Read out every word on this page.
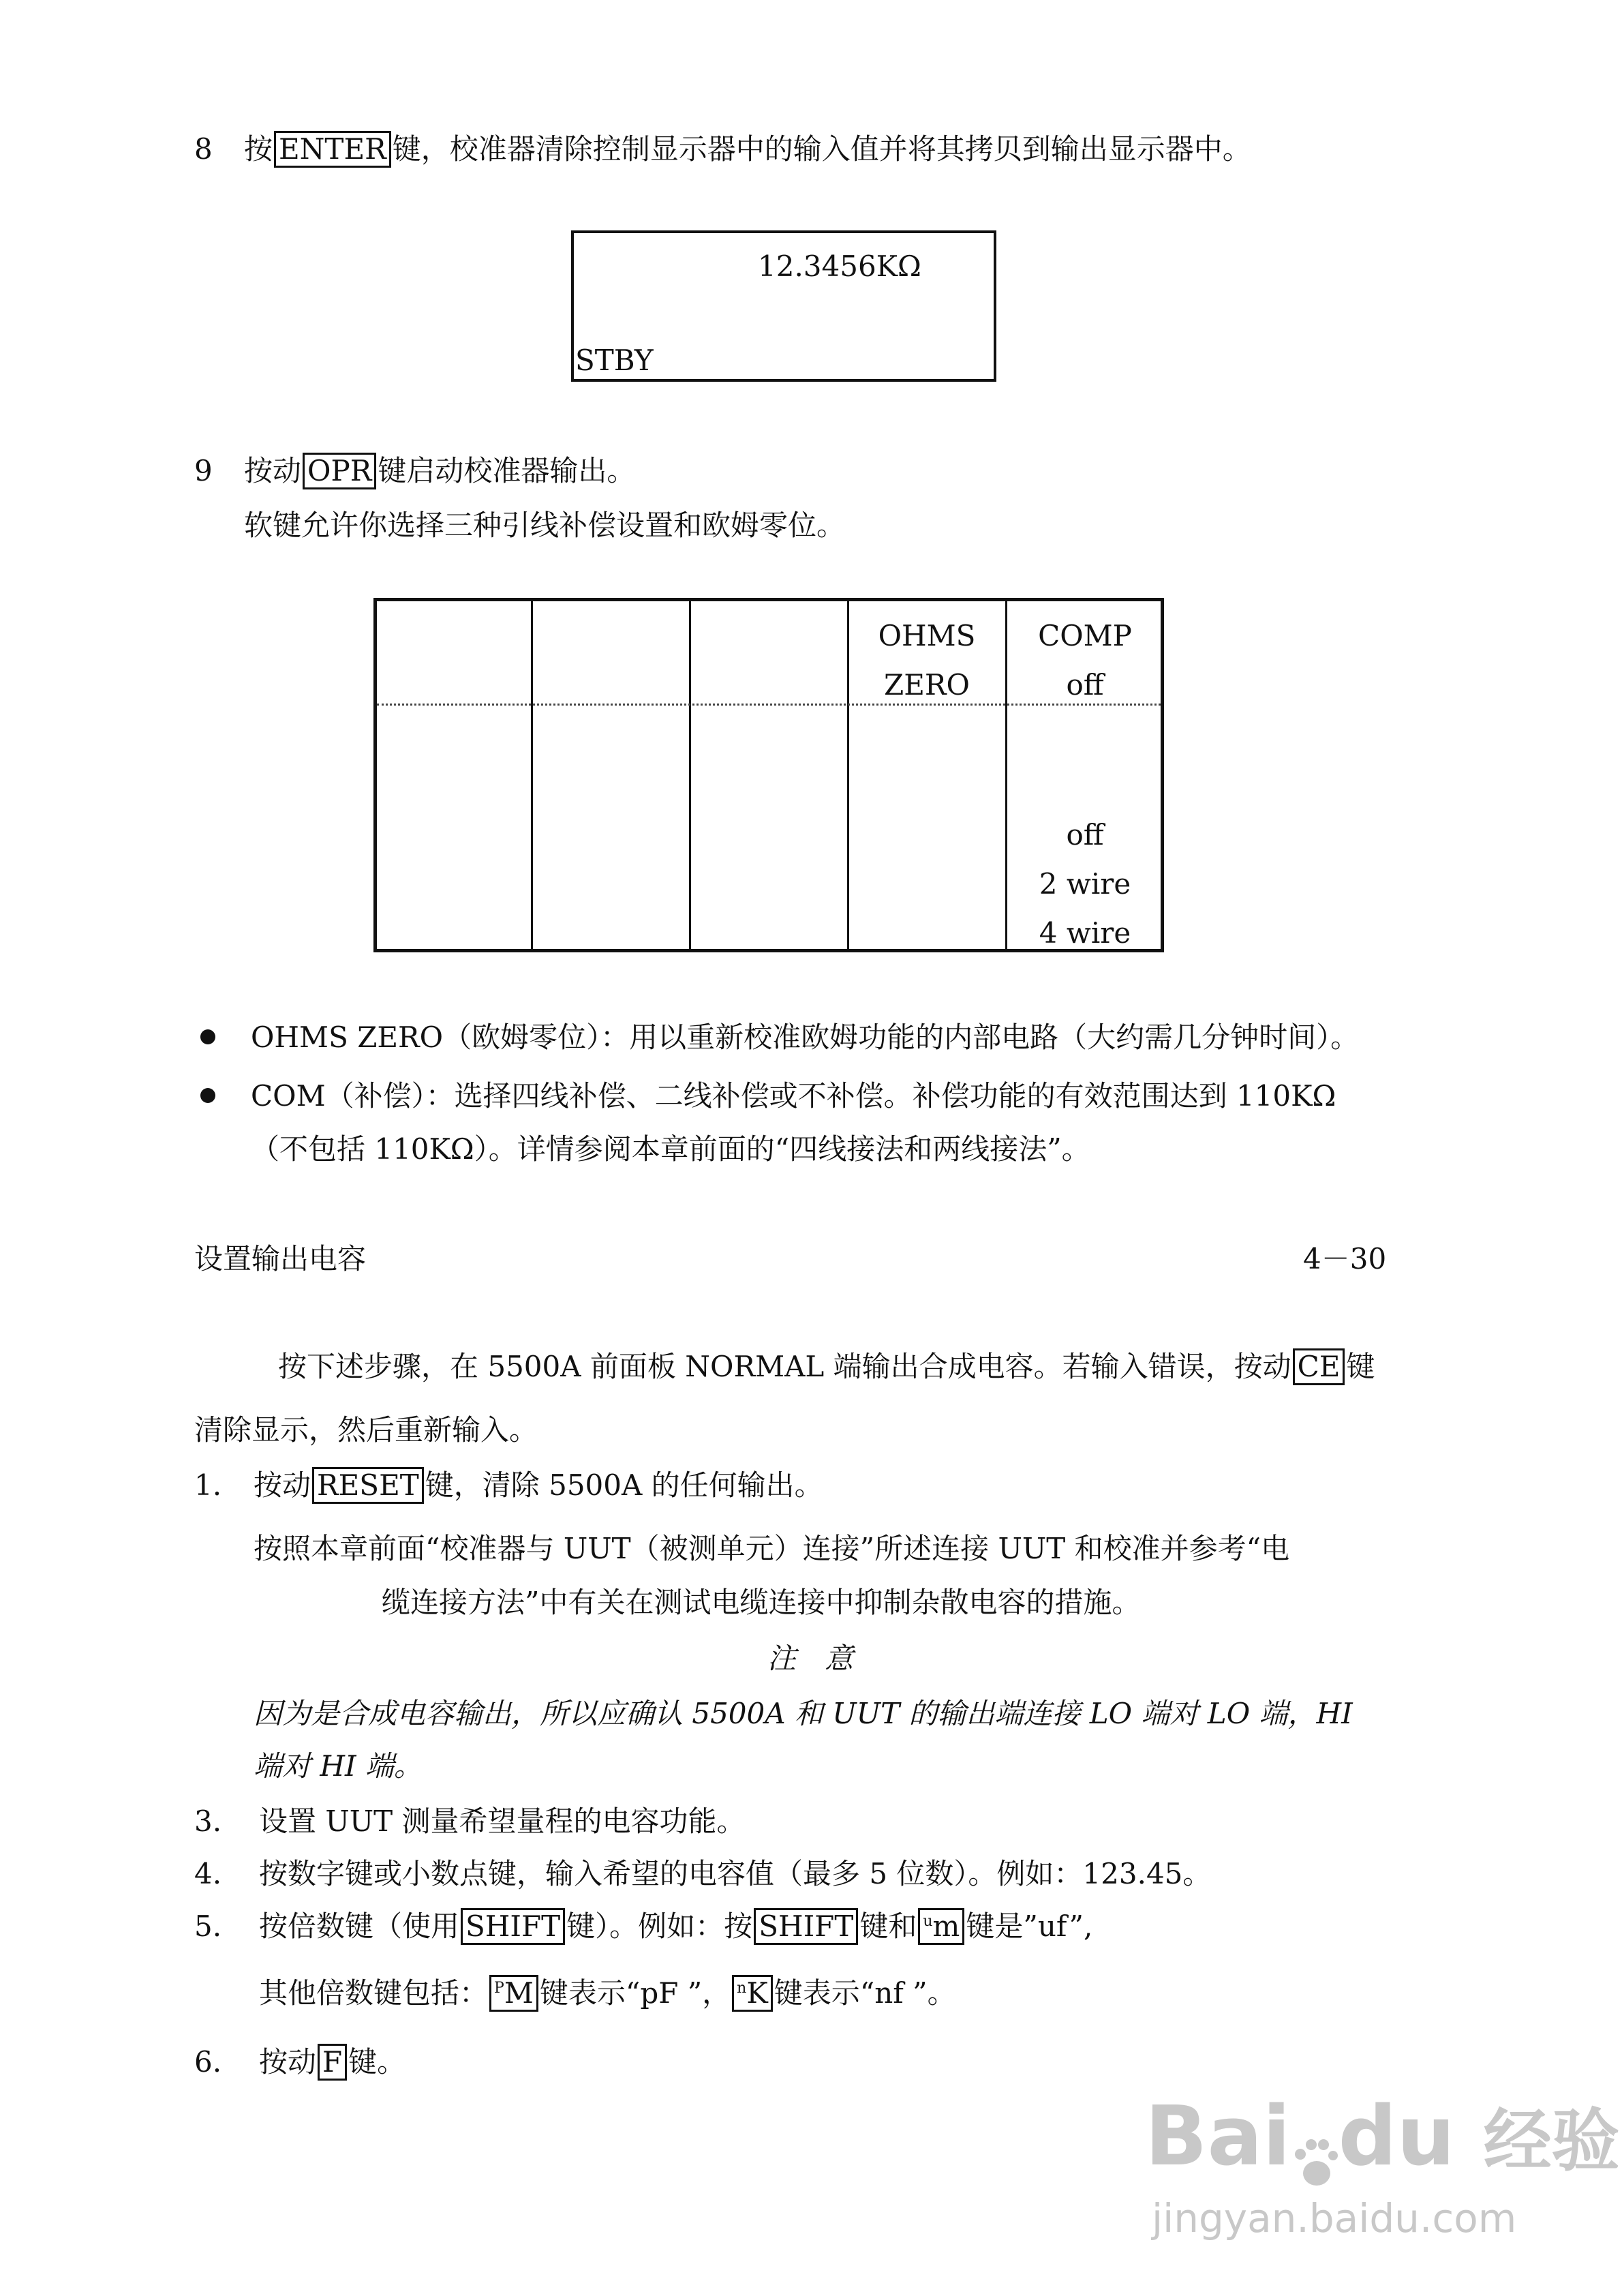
8 按 ENTER 键，校准器清除控制显示器中的输入值并将其拷贝到输出显示器中。
12.3456KΩ
STBY
9 按动 OPR 键启动校准器输出。
软键允许你选择三种引线补偿设置和欧姆零位。
OHMS
ZERO
COMP
off
off
2 wire
4 wire
OHMS ZERO（欧姆零位）：用以重新校准欧姆功能的内部电路（大约需几分钟时间）。
COM（补偿）：选择四线补偿、二线补偿或不补偿。补偿功能的有效范围达到 110KΩ
（不包括 110KΩ）。详情参阅本章前面的“四线接法和两线接法”。
设置输出电容	4－30
按下述步骤，在 5500A 前面板 NORMAL 端输出合成电容。若输入错误，按动 CE 键
清除显示，然后重新输入。
1. 按动 RESET 键，清除 5500A 的任何输出。
按照本章前面“校准器与 UUT（被测单元）连接”所述连接 UUT 和校准并参考“电
缆连接方法”中有关在测试电缆连接中抑制杂散电容的措施。
注　意
因为是合成电容输出，所以应确认 5500A 和 UUT 的输出端连接 LO 端对 LO 端，HI
端对 HI 端。
3. 设置 UUT 测量希望量程的电容功能。
4. 按数字键或小数点键，输入希望的电容值（最多 5 位数）。例如：123.45。
5. 按倍数键（使用 SHIFT 键）。例如：按 SHIFT 键和 $^u$m 键是”uf”,
其他倍数键包括： $^P$M 键表示“pF ”， $^n$K 键表示“nf ”。
6. 按动 F 键。
Bai du 经验
jingyan.baidu.com
